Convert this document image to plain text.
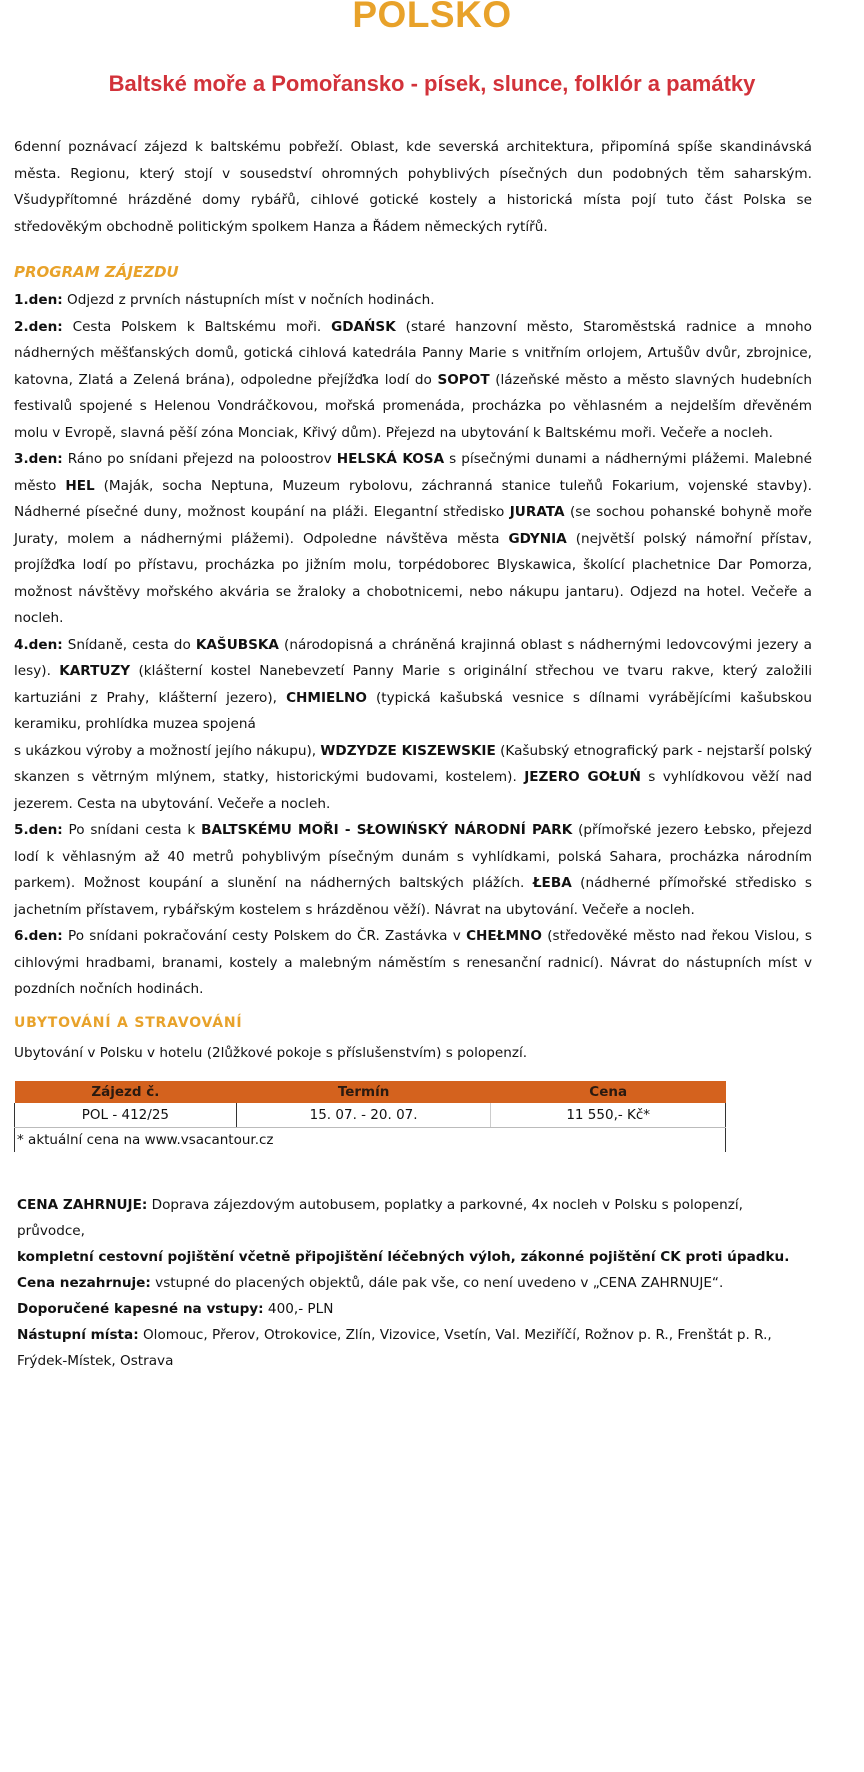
POLSKO
Baltské moře a Pomořansko - písek, slunce, folklór a památky
6denní poznávací zájezd k baltskému pobřeží. Oblast, kde severská architektura, připomíná spíše skandinávská města. Regionu, který stojí v sousedství ohromných pohyblivých písečných dun podobných těm saharským. Všudypřítomné hrázděné domy rybářů, cihlové gotické kostely a historická místa pojí tuto část Polska se středověkým obchodně politickým spolkem Hanza a Řádem německých rytířů.
PROGRAM ZÁJEZDU
1.den: Odjezd z prvních nástupních míst v nočních hodinách.
2.den: Cesta Polskem k Baltskému moři. GDAŃSK (staré hanzovní město, Staroměstská radnice a mnoho nádherných měšťanských domů, gotická cihlová katedrála Panny Marie s vnitřním orlojem, Artušův dvůr, zbrojnice, katovna, Zlatá a Zelená brána), odpoledne přejížďka lodí do SOPOT (lázeňské město a město slavných hudebních festivalů spojené s Helenou Vondráčkovou, mořská promenáda, procházka po věhlasném a nejdelším dřevěném molu v Evropě, slavná pěší zóna Monciak, Křivý dům). Přejezd na ubytování k Baltskému moři. Večeře a nocleh.
3.den: Ráno po snídani přejezd na poloostrov HELSKÁ KOSA s písečnými dunami a nádhernými plážemi. Malebné město HEL (Maják, socha Neptuna, Muzeum rybolovu, záchranná stanice tuleňů Fokarium, vojenské stavby). Nádherné písečné duny, možnost koupání na pláži. Elegantní středisko JURATA (se sochou pohanské bohyně moře Juraty, molem a nádhernými plážemi). Odpoledne návštěva města GDYNIA (největší polský námořní přístav, projížďka lodí po přístavu, procházka po jižním molu, torpédoborec Blyskawica, školící plachetnice Dar Pomorza, možnost návštěvy mořského akvária se žraloky a chobotnicemi, nebo nákupu jantaru). Odjezd na hotel. Večeře a nocleh.
4.den: Snídaně, cesta do KAŠUBSKA (národopisná a chráněná krajinná oblast s nádhernými ledovcovými jezery a lesy). KARTUZY (klášterní kostel Nanebevzetí Panny Marie s originální střechou ve tvaru rakve, který založili kartuziáni z Prahy, klášterní jezero), CHMIELNO (typická kašubská vesnice s dílnami vyrábějícími kašubskou keramiku, prohlídka muzea spojená
s ukázkou výroby a možností jejího nákupu), WDZYDZE KISZEWSKIE (Kašubský etnografický park - nejstarší polský skanzen s větrným mlýnem, statky, historickými budovami, kostelem). JEZERO GOŁUŃ s vyhlídkovou věží nad jezerem. Cesta na ubytování. Večeře a nocleh.
5.den: Po snídani cesta k BALTSKÉMU MOŘI - SŁOWIŃSKÝ NÁRODNÍ PARK (přímořské jezero Łebsko, přejezd lodí k věhlasným až 40 metrů pohyblivým písečným dunám s vyhlídkami, polská Sahara, procházka národním parkem). Možnost koupání a slunění na nádherných baltských plážích. ŁEBA (nádherné přímořské středisko s jachetním přístavem, rybářským kostelem s hrázděnou věží). Návrat na ubytování. Večeře a nocleh.
6.den: Po snídani pokračování cesty Polskem do ČR. Zastávka v CHEŁMNO (středověké město nad řekou Vislou, s cihlovými hradbami, branami, kostely a malebným náměstím s renesanční radnicí). Návrat do nástupních míst v pozdních nočních hodinách.
UBYTOVÁNÍ A STRAVOVÁNÍ
Ubytování v Polsku v hotelu (2lůžkové pokoje s příslušenstvím) s polopenzí.
Zájezd č.	Termín	Cena
POL - 412/25	15. 07. - 20. 07.	11 550,- Kč*
* aktuální cena na www.vsacantour.cz		

CENA ZAHRNUJE: Doprava zájezdovým autobusem, poplatky a parkovné, 4x nocleh v Polsku s polopenzí, průvodce,

kompletní cestovní pojištění včetně připojištění léčebných výloh, zákonné pojištění CK proti úpadku.

Cena nezahrnuje: vstupné do placených objektů, dále pak vše, co není uvedeno v „CENA ZAHRNUJE“.

Doporučené kapesné na vstupy: 400,- PLN

Nástupní místa: Olomouc, Přerov, Otrokovice, Zlín, Vizovice, Vsetín, Val. Meziříčí, Rožnov p. R., Frenštát p. R., Frýdek-Místek, Ostrava
